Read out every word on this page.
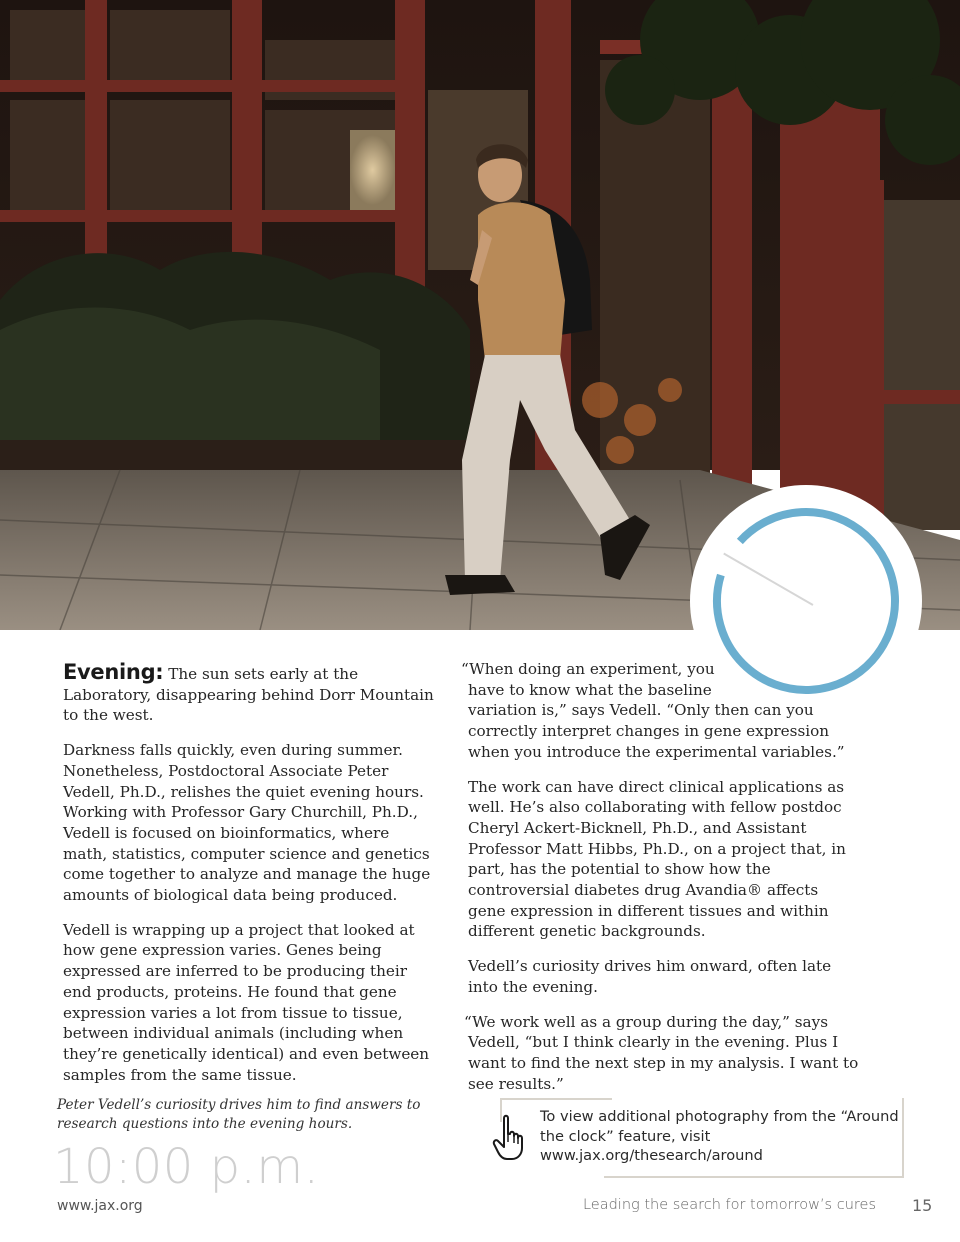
Evening: The sun sets early at the Laboratory, disappearing behind Dorr Mountain to the west.

Darkness falls quickly, even during summer. Nonetheless, Postdoctoral Associate Peter Vedell, Ph.D., relishes the quiet evening hours. Working with Professor Gary Churchill, Ph.D., Vedell is focused on bioinformatics, where math, statistics, computer science and genetics come together to analyze and manage the huge amounts of biological data being produced.

Vedell is wrapping up a project that looked at how gene expression varies. Genes being expressed are inferred to be producing their end products, proteins. He found that gene expression varies a lot from tissue to tissue, between individual animals (including when they’re genetically identical) and even between samples from the same tissue.

“When doing an experiment, you
have to know what the baseline
variation is,” says Vedell. “Only then can you correctly interpret changes in gene expression when you introduce the experimental variables.”

The work can have direct clinical applications as well. He’s also collaborating with fellow postdoc Cheryl Ackert-Bicknell, Ph.D., and Assistant Professor Matt Hibbs, Ph.D., on a project that, in part, has the potential to show how the controversial diabetes drug Avandia® affects gene expression in different tissues and within different genetic backgrounds.

Vedell’s curiosity drives him onward, often late into the evening.

“We work well as a group during the day,” says Vedell, “but I think clearly in the evening. Plus I want to find the next step in my analysis. I want to see results.”

Peter Vedell’s curiosity drives him to find answers to research questions into the evening hours.
10:00 p.m.
To view additional photography from the “Around the clock” feature, visit www.jax.org/thesearch/around
www.jax.org	Leading the search for tomorrow’s cures 15
